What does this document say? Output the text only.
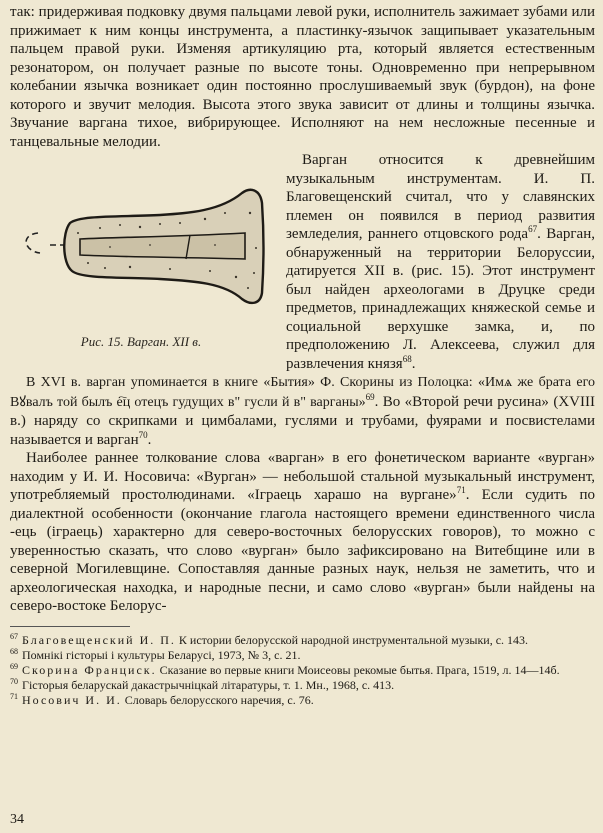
так: придерживая подковку двумя пальцами левой руки, исполнитель зажимает зубами или прижимает к ним концы инструмента, а пластинку-язычок защипывает указательным пальцем правой руки. Изменяя артикуляцию рта, который является естественным резонатором, он получает разные по высоте тоны. Одновременно при непрерывном колебании язычка возникает один постоянно прослушиваемый звук (бурдон), на фоне которого и звучит мелодия. Высота этого звука зависит от длины и толщины язычка. Звучание варгана тихое, вибрирующее. Исполняют на нем несложные песенные и танцевальные мелодии.

Рис. 15. Варган. XII в.

Варган относится к древнейшим музыкальным инструментам. И. П. Благовещенский считал, что у славянских племен он появился в период развития земледелия, раннего отцовского рода$^{67}$. Варган, обнаруженный на территории Белоруссии, датируется XII в. (рис. 15). Этот инструмент был найден археологами в Друцке среди предметов, принадлежащих княжеской семье и социальной верхушке замка, и, по предположению Л. Алексеева, служил для развлечения князя$^{68}$.

В XVI в. варган упоминается в книге «Бытия» Ф. Скорины из Полоцка: «Имѧ же брата его Вꙋвалъ той былъ е҇ц отецъ гудущих в" гусли й в" варганы»$^{69}$. Во «Второй речи русина» (XVIII в.) наряду со скрипками и цимбалами, гуслями и трубами, фуярами и посвистелами называется и варган$^{70}$.

Наиболее раннее толкование слова «варган» в его фонетическом варианте «вурган» находим у И. И. Носовича: «Вурган» — небольшой стальной музыкальный инструмент, употребляемый простолюдинами. «Іграець харашо на вургане»$^{71}$. Если судить по диалектной особенности (окончание глагола настоящего времени единственного числа -ець (іграець) характерно для северо-восточных белорусских говоров), то можно с уверенностью сказать, что слово «вурган» было зафиксировано на Витебщине или в северной Могилевщине. Сопоставляя данные разных наук, нельзя не заметить, что и археологическая находка, и народные песни, и само слово «вурган» были найдены на северо-востоке Белорус-

$^{67}$ Благовещенский И. П. К истории белорусской народной инструментальной музыки, с. 143.

$^{68}$ Помнікі гісторыі і культуры Беларусі, 1973, № 3, с. 21.

$^{69}$ Скорина Франциск. Сказание во первые книги Моисеовы рекомые бытья. Прага, 1519, л. 14—14б.

$^{70}$ Гісторыя беларускай дакастрычніцкай літаратуры, т. 1. Мн., 1968, с. 413.

$^{71}$ Носович И. И. Словарь белорусского наречия, с. 76.

34
